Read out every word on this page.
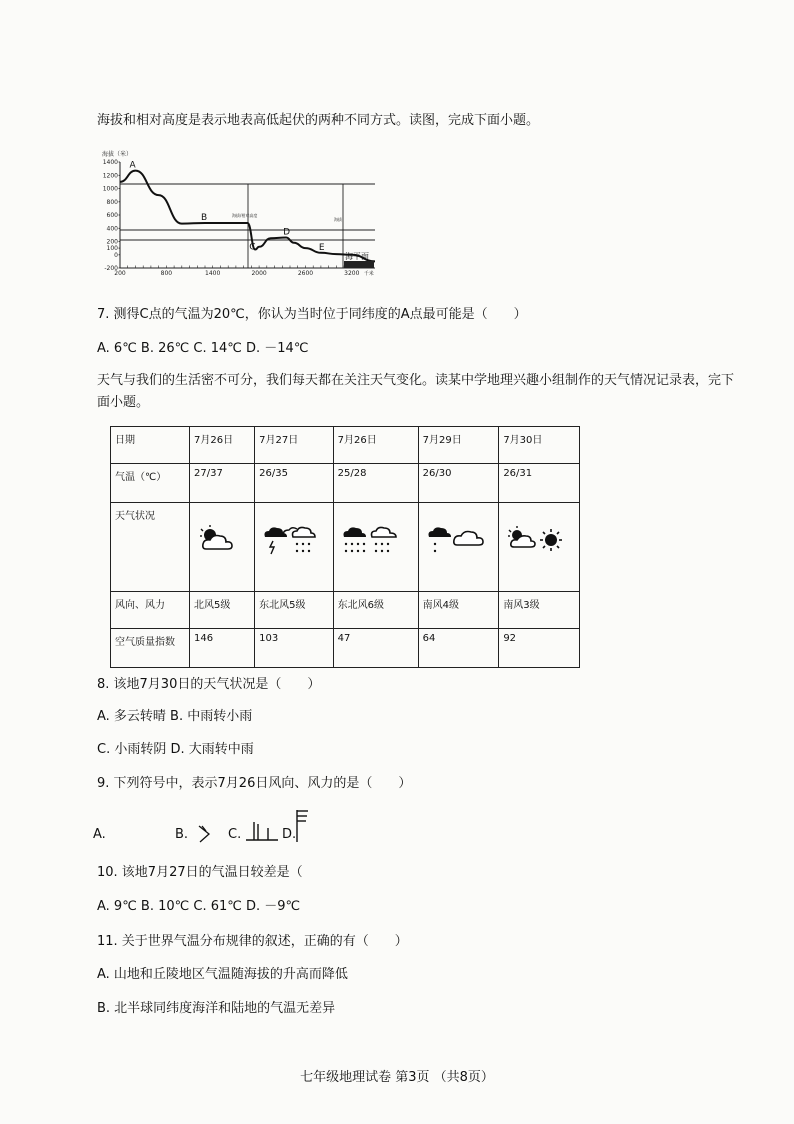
海拔和相对高度是表示地表高低起伏的两种不同方式。读图，完成下面小题。
海拔（米）
1400
1200
1000
800
600
400
200
100
0
-200
200	800	1400	2000	2600	3200 千米
海拔/相对高度
海拔
A
B
C
D
E
海平面
7. 测得C点的气温为20℃，你认为当时位于同纬度的A点最可能是（　　）
A. 6℃ B. 26℃ C. 14℃ D. －14℃
天气与我们的生活密不可分，我们每天都在关注天气变化。读某中学地理兴趣小组制作的天气情况记录表，完下面小题。
日期	7月26日	7月27日	7月26日	7月29日	7月30日
气温（℃）	27/37	26/35	25/28	26/30	26/31
天气状况	

风向、风力	北风5级	东北风5级	东北风6级	南风4级	南风3级
空气质量指数	146	103	47	64	92
8. 该地7月30日的天气状况是（　　）
A. 多云转晴 B. 中雨转小雨
C. 小雨转阴 D. 大雨转中雨
9. 下列符号中，表示7月26日风向、风力的是（　　）
A.	B.	C.	D.
10. 该地7月27日的气温日较差是（
A. 9℃ B. 10℃ C. 61℃ D. －9℃
11. 关于世界气温分布规律的叙述，正确的有（　　）
A. 山地和丘陵地区气温随海拔的升高而降低
B. 北半球同纬度海洋和陆地的气温无差异
七年级地理试卷 第3页 （共8页）
